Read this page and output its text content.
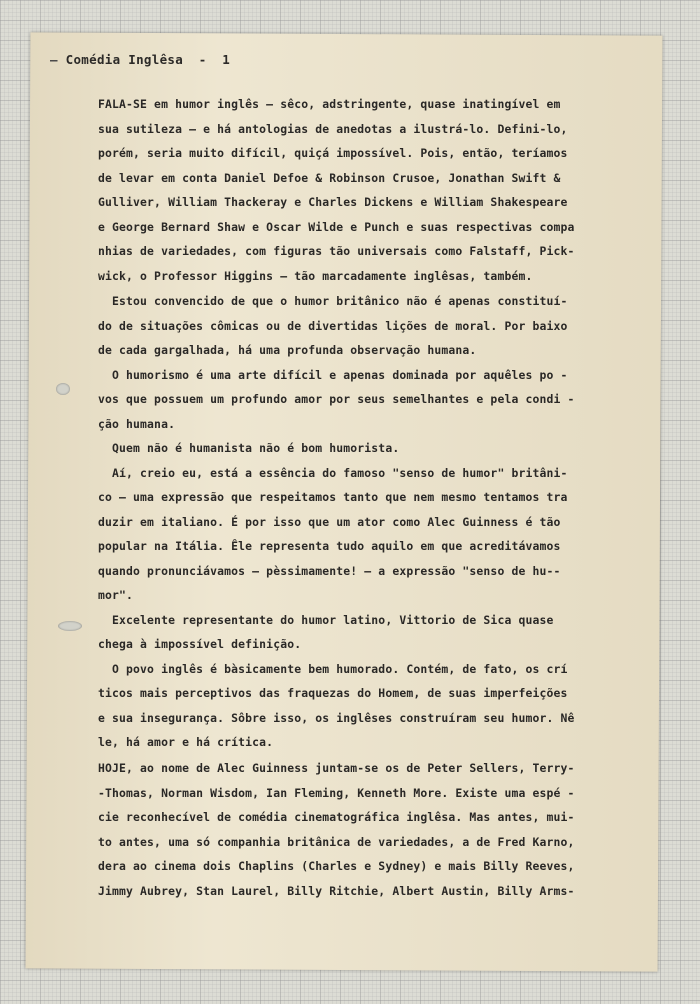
— Comédia Inglêsa - 1
FALA-SE em humor inglês — sêco, adstringente, quase inatingível em
sua sutileza — e há antologias de anedotas a ilustrá-lo. Defini-lo,
porém, seria muito difícil, quiçá impossível. Pois, então, teríamos
de levar em conta Daniel Defoe & Robinson Crusoe, Jonathan Swift &
Gulliver, William Thackeray e Charles Dickens e William Shakespeare
e George Bernard Shaw e Oscar Wilde e Punch e suas respectivas compa
nhias de variedades, com figuras tão universais como Falstaff, Pick-
wick, o Professor Higgins — tão marcadamente inglêsas, também.
Estou convencido de que o humor britânico não é apenas constituí-
do de situações cômicas ou de divertidas lições de moral. Por baixo
de cada gargalhada, há uma profunda observação humana.
O humorismo é uma arte difícil e apenas dominada por aquêles po -
vos que possuem um profundo amor por seus semelhantes e pela condi -
ção humana.
Quem não é humanista não é bom humorista.
Aí, creio eu, está a essência do famoso "senso de humor" britâni-
co — uma expressão que respeitamos tanto que nem mesmo tentamos tra
duzir em italiano. É por isso que um ator como Alec Guinness é tão
popular na Itália. Êle representa tudo aquilo em que acreditávamos
quando pronunciávamos — pèssimamente! — a expressão "senso de hu--
mor".
Excelente representante do humor latino, Vittorio de Sica quase
chega à impossível definição.
O povo inglês é bàsicamente bem humorado. Contém, de fato, os crí
ticos mais perceptivos das fraquezas do Homem, de suas imperfeições
e sua insegurança. Sôbre isso, os inglêses construíram seu humor. Nê
le, há amor e há crítica.
HOJE, ao nome de Alec Guinness juntam-se os de Peter Sellers, Terry-
-Thomas, Norman Wisdom, Ian Fleming, Kenneth More. Existe uma espé -
cie reconhecível de comédia cinematográfica inglêsa. Mas antes, mui-
to antes, uma só companhia britânica de variedades, a de Fred Karno,
dera ao cinema dois Chaplins (Charles e Sydney) e mais Billy Reeves,
Jimmy Aubrey, Stan Laurel, Billy Ritchie, Albert Austin, Billy Arms-
